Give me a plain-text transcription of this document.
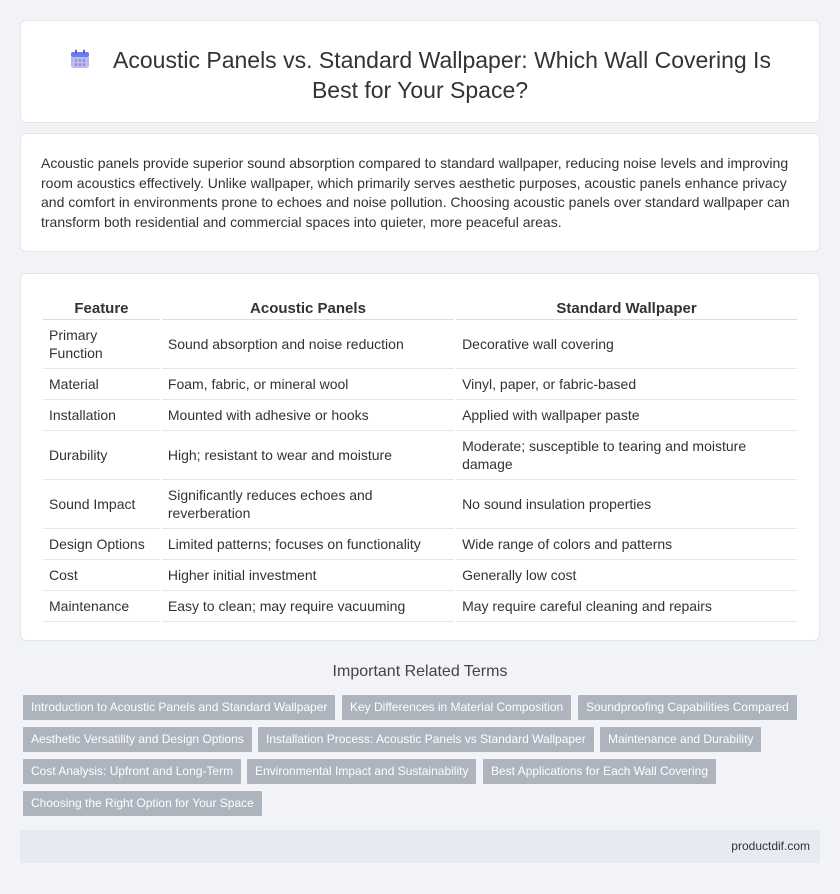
Acoustic Panels vs. Standard Wallpaper: Which Wall Covering Is Best for Your Space?

Acoustic panels provide superior sound absorption compared to standard wallpaper, reducing noise levels and improving room acoustics effectively. Unlike wallpaper, which primarily serves aesthetic purposes, acoustic panels enhance privacy and comfort in environments prone to echoes and noise pollution. Choosing acoustic panels over standard wallpaper can transform both residential and commercial spaces into quieter, more peaceful areas.

Feature	Acoustic Panels	Standard Wallpaper
Primary Function	Sound absorption and noise reduction	Decorative wall covering
Material	Foam, fabric, or mineral wool	Vinyl, paper, or fabric-based
Installation	Mounted with adhesive or hooks	Applied with wallpaper paste
Durability	High; resistant to wear and moisture	Moderate; susceptible to tearing and moisture damage
Sound Impact	Significantly reduces echoes and reverberation	No sound insulation properties
Design Options	Limited patterns; focuses on functionality	Wide range of colors and patterns
Cost	Higher initial investment	Generally low cost
Maintenance	Easy to clean; may require vacuuming	May require careful cleaning and repairs
Important Related Terms
Introduction to Acoustic Panels and Standard Wallpaper	Key Differences in Material Composition	Soundproofing Capabilities Compared
Aesthetic Versatility and Design Options	Installation Process: Acoustic Panels vs Standard Wallpaper	Maintenance and Durability
Cost Analysis: Upfront and Long-Term	Environmental Impact and Sustainability	Best Applications for Each Wall Covering
Choosing the Right Option for Your Space
productdif.com
